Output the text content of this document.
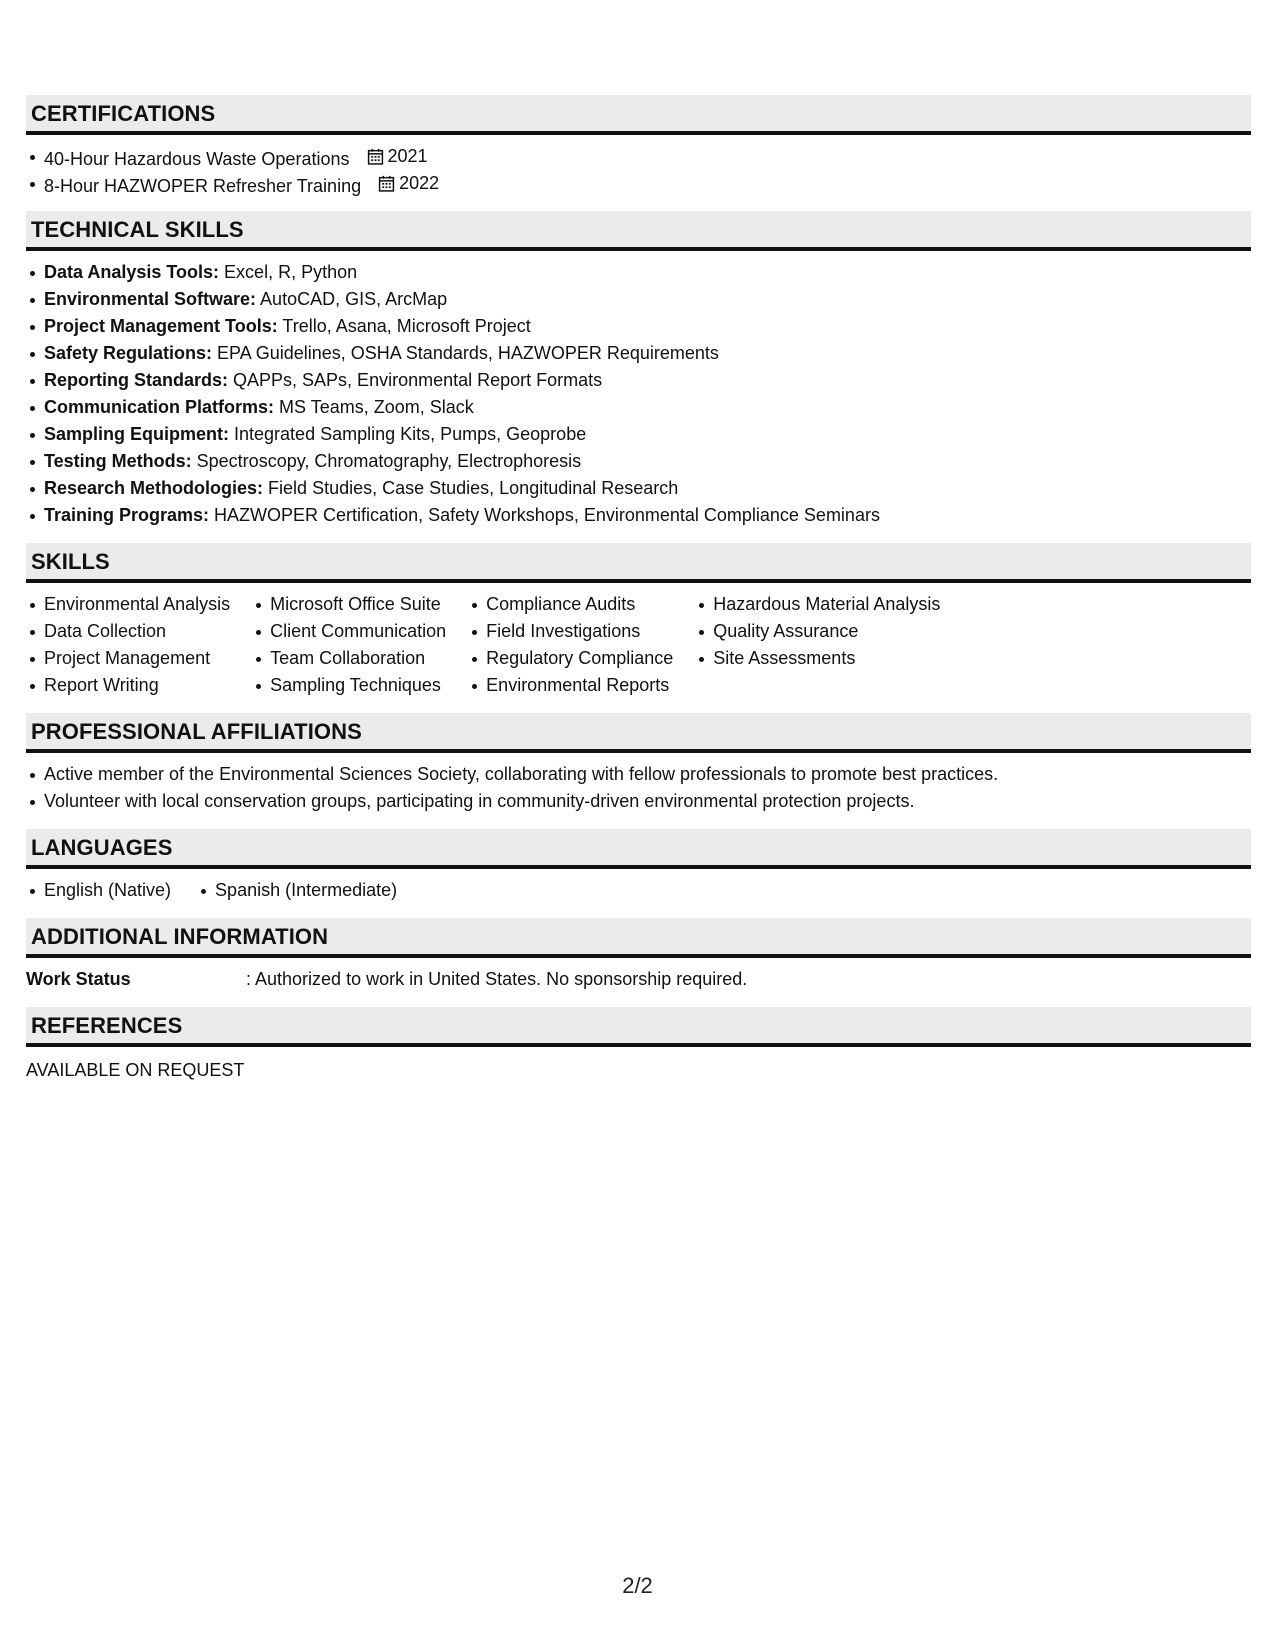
CERTIFICATIONS
40-Hour Hazardous Waste Operations 2021
8-Hour HAZWOPER Refresher Training 2022
TECHNICAL SKILLS
Data Analysis Tools: Excel, R, Python
Environmental Software: AutoCAD, GIS, ArcMap
Project Management Tools: Trello, Asana, Microsoft Project
Safety Regulations: EPA Guidelines, OSHA Standards, HAZWOPER Requirements
Reporting Standards: QAPPs, SAPs, Environmental Report Formats
Communication Platforms: MS Teams, Zoom, Slack
Sampling Equipment: Integrated Sampling Kits, Pumps, Geoprobe
Testing Methods: Spectroscopy, Chromatography, Electrophoresis
Research Methodologies: Field Studies, Case Studies, Longitudinal Research
Training Programs: HAZWOPER Certification, Safety Workshops, Environmental Compliance Seminars
SKILLS
Environmental Analysis
Data Collection
Project Management
Report Writing
Microsoft Office Suite
Client Communication
Team Collaboration
Sampling Techniques
Compliance Audits
Field Investigations
Regulatory Compliance
Environmental Reports
Hazardous Material Analysis
Quality Assurance
Site Assessments
PROFESSIONAL AFFILIATIONS
Active member of the Environmental Sciences Society, collaborating with fellow professionals to promote best practices.
Volunteer with local conservation groups, participating in community-driven environmental protection projects.
LANGUAGES
English (Native) Spanish (Intermediate)
ADDITIONAL INFORMATION
Work Status	: Authorized to work in United States. No sponsorship required.
REFERENCES
AVAILABLE ON REQUEST
2/2
